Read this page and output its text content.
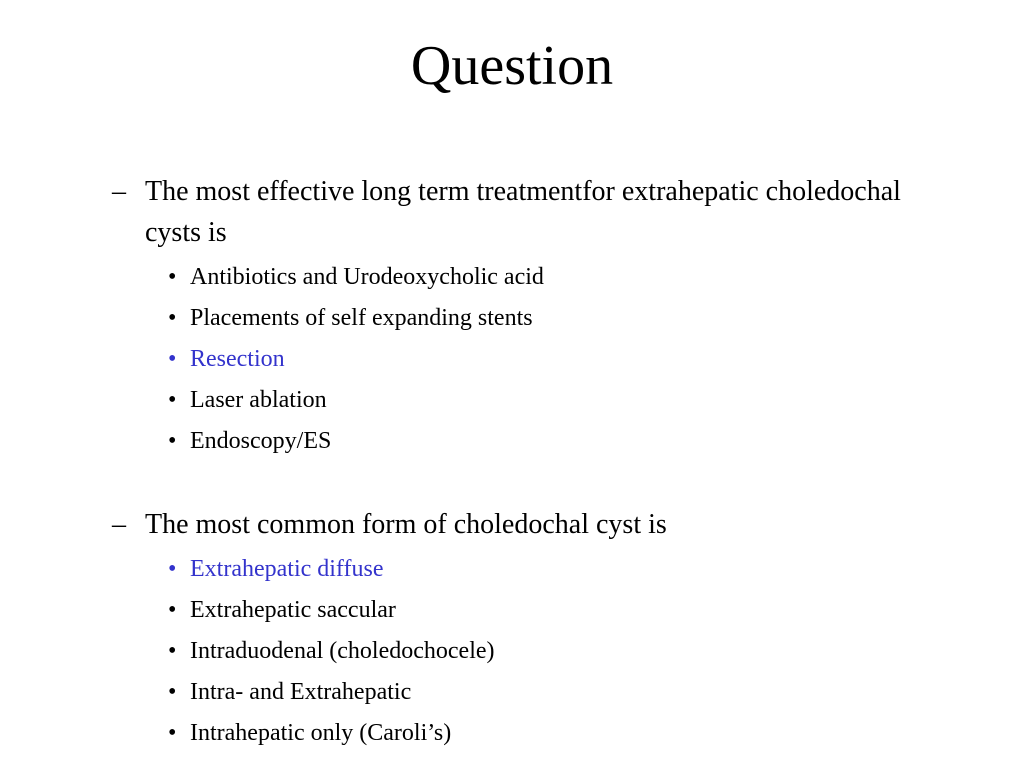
Question
– The most effective long term treatmentfor extrahepatic choledochal cysts is
• Antibiotics and Urodeoxycholic acid
• Placements of self expanding stents
• Resection
• Laser ablation
• Endoscopy/ES
– The most common form of choledochal cyst is
• Extrahepatic diffuse
• Extrahepatic saccular
• Intraduodenal (choledochocele)
• Intra- and Extrahepatic
• Intrahepatic only (Caroli’s)
